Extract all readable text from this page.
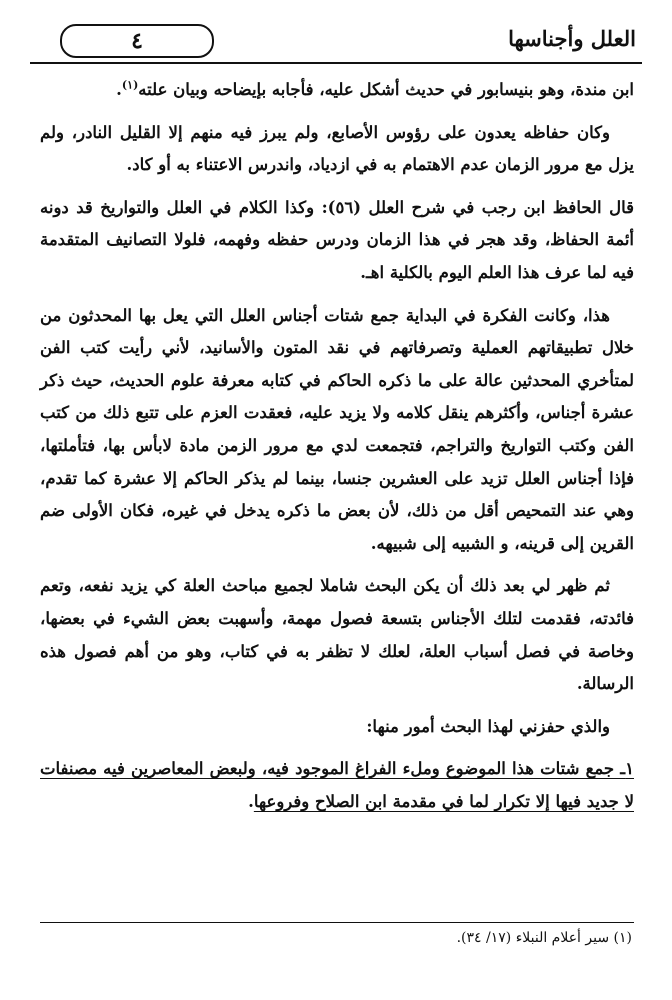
العلل وأجناسها
٤

ابن مندة، وهو بنيسابور في حديث أشكل عليه، فأجابه بإيضاحه وبيان علته$^{(١)}$.

وكان حفاظه يعدون على رؤوس الأصابع، ولم يبرز فيه منهم إلا القليل النادر، ولم يزل مع مرور الزمان عدم الاهتمام به في ازدياد، واندرس الاعتناء به أو كاد.

قال الحافظ ابن رجب في شرح العلل (٥٦): وكذا الكلام في العلل والتواريخ قد دونه أئمة الحفاظ، وقد هجر في هذا الزمان ودرس حفظه وفهمه، فلولا التصانيف المتقدمة فيه لما عرف هذا العلم اليوم بالكلية اهـ.

هذا، وكانت الفكرة في البداية جمع شتات أجناس العلل التي يعل بها المحدثون من خلال تطبيقاتهم العملية وتصرفاتهم في نقد المتون والأسانيد، لأني رأيت كتب الفن لمتأخري المحدثين عالة على ما ذكره الحاكم في كتابه معرفة علوم الحديث، حيث ذكر عشرة أجناس، وأكثرهم ينقل كلامه ولا يزيد عليه، فعقدت العزم على تتبع ذلك من كتب الفن وكتب التواريخ والتراجم، فتجمعت لدي مع مرور الزمن مادة لابأس بها، فتأملتها، فإذا أجناس العلل تزيد على العشرين جنسا، بينما لم يذكر الحاكم إلا عشرة كما تقدم، وهي عند التمحيص أقل من ذلك، لأن بعض ما ذكره يدخل في غيره، فكان الأولى ضم القرين إلى قرينه، و الشبيه إلى شبيهه.

ثم ظهر لي بعد ذلك أن يكن البحث شاملا لجميع مباحث العلة كي يزيد نفعه، وتعم فائدته، فقدمت لتلك الأجناس بتسعة فصول مهمة، وأسهبت بعض الشيء في بعضها، وخاصة في فصل أسباب العلة، لعلك لا تظفر به في كتاب، وهو من أهم فصول هذه الرسالة.

والذي حفزني لهذا البحث أمور منها:

١ـ جمع شتات هذا الموضوع وملء الفراغ الموجود فيه، ولبعض المعاصرين فيه مصنفات لا جديد فيها إلا تكرار لما في مقدمة ابن الصلاح وفروعها.

(١) سير أعلام النبلاء (١٧/ ٣٤).
